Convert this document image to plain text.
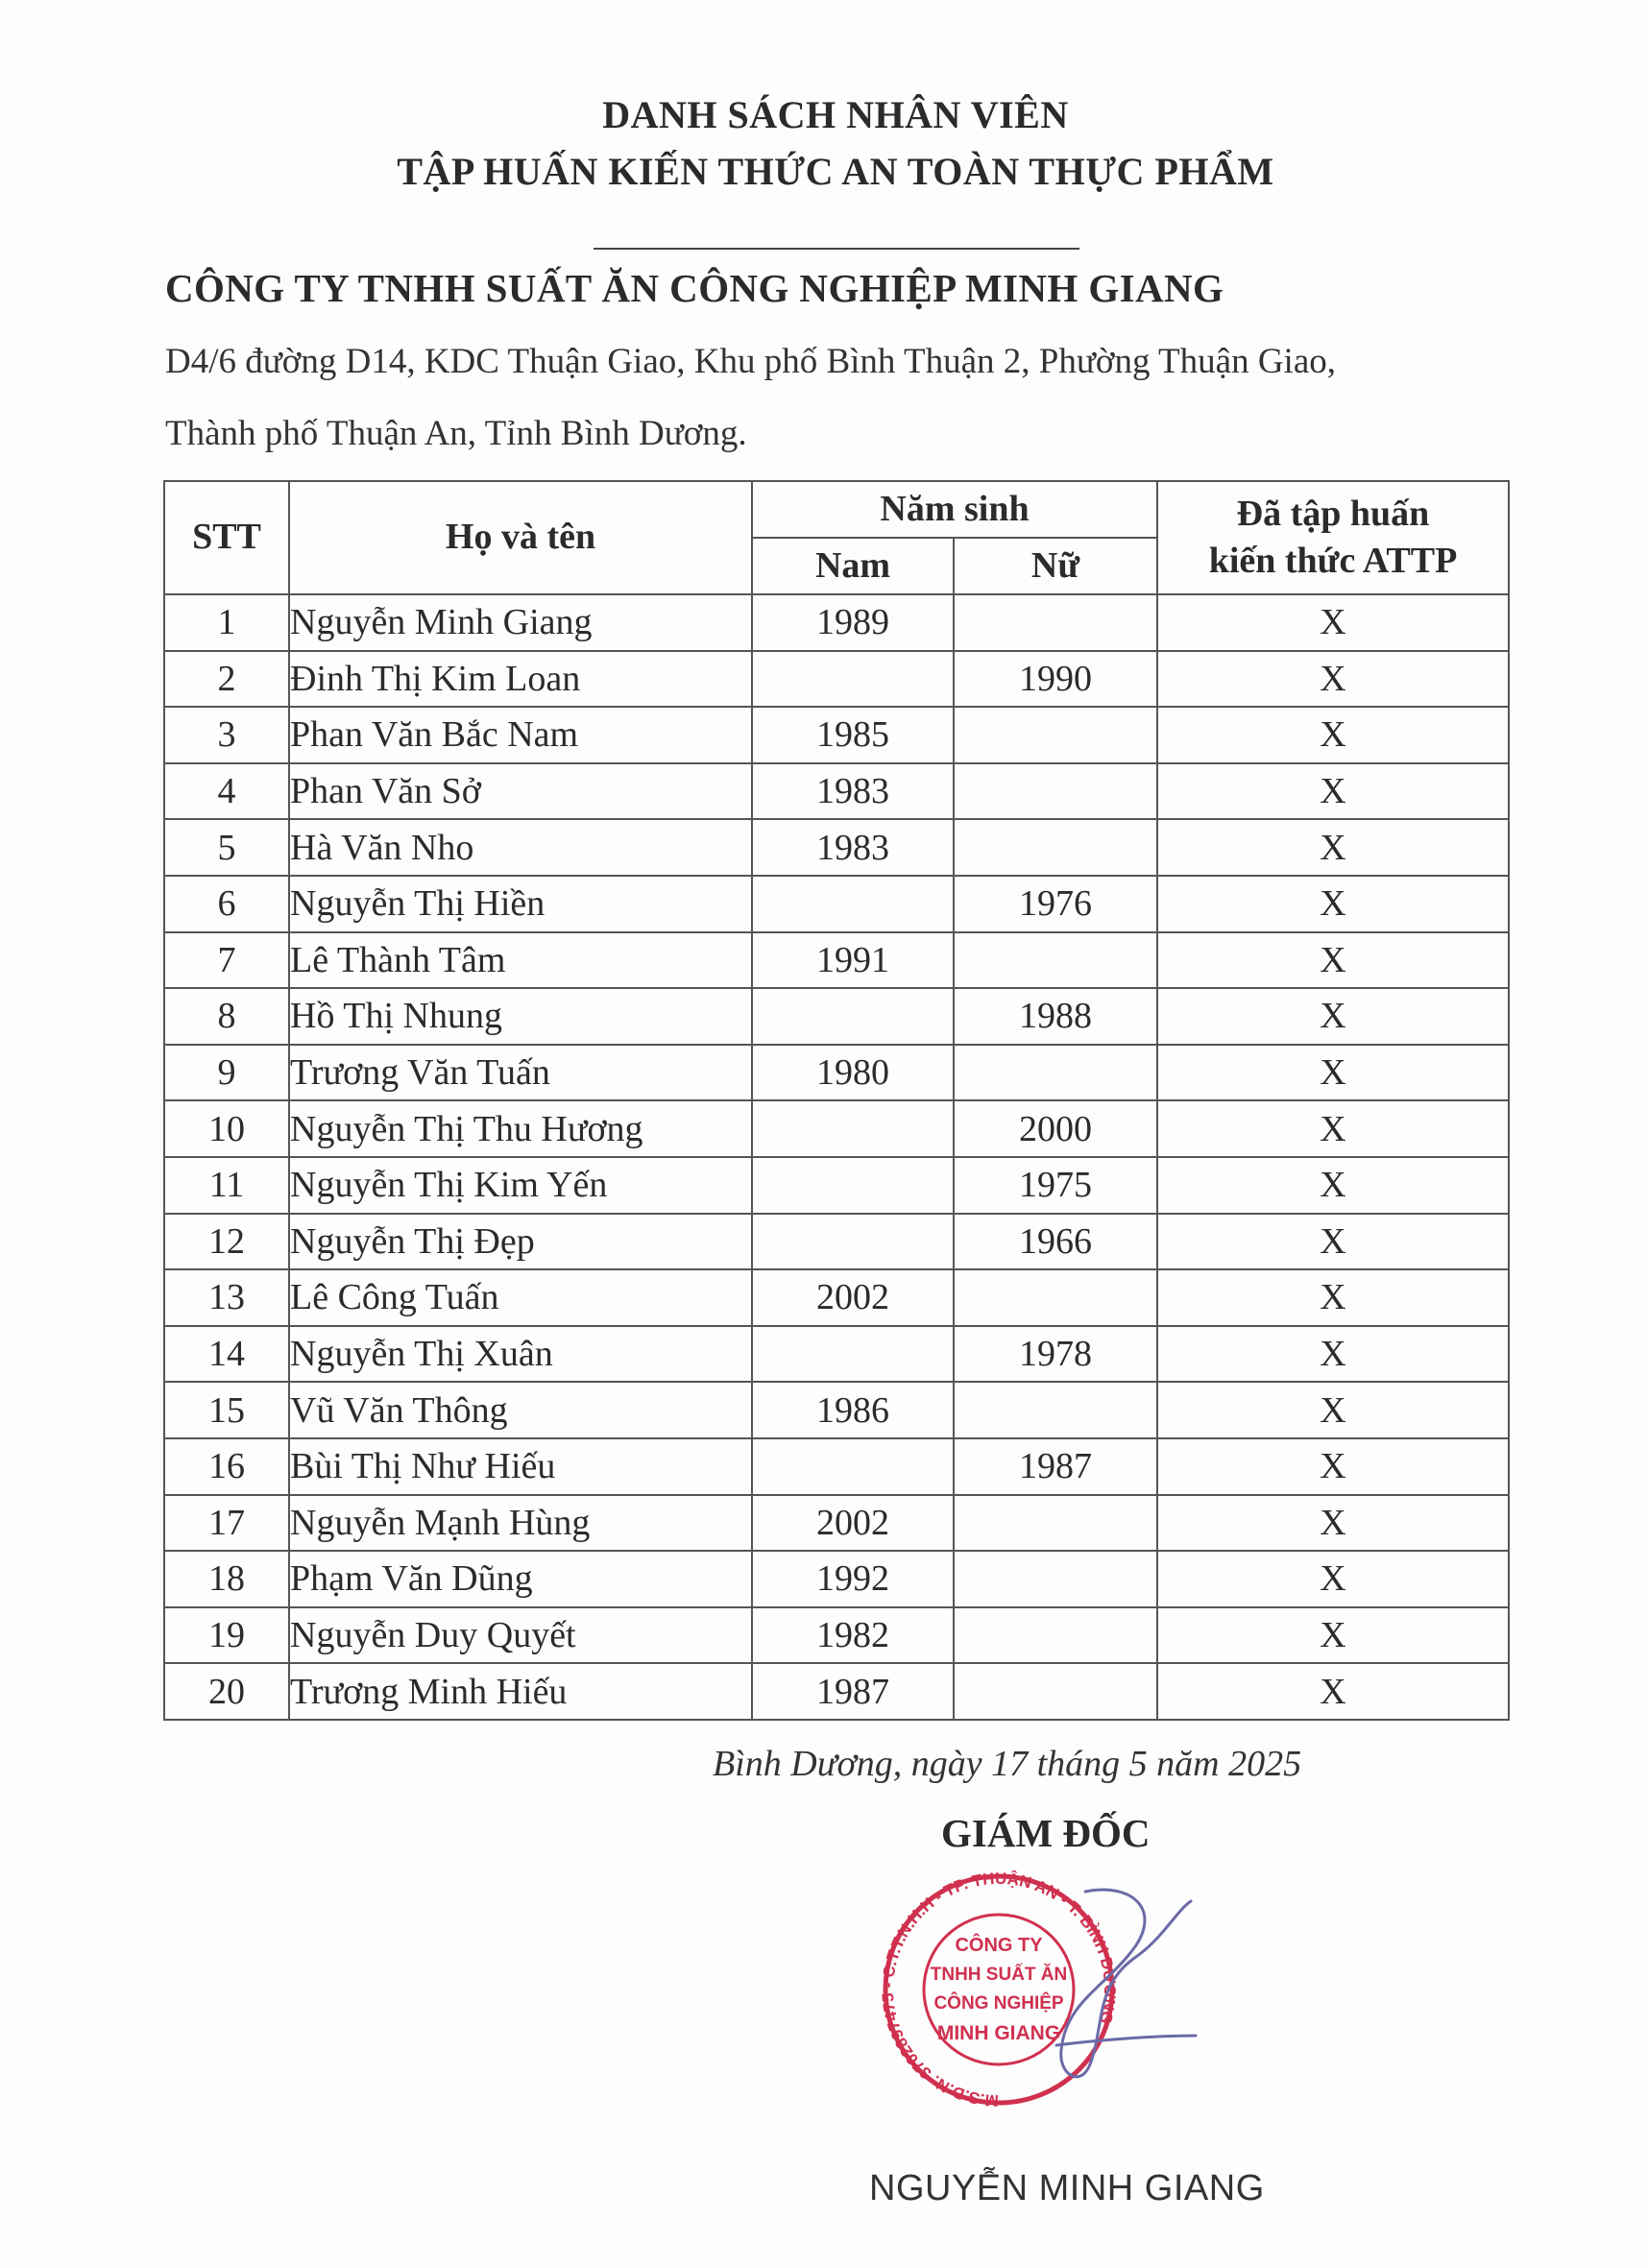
DANH SÁCH NHÂN VIÊN
TẬP HUẤN KIẾN THỨC AN TOÀN THỰC PHẨM
CÔNG TY TNHH SUẤT ĂN CÔNG NGHIỆP MINH GIANG
D4/6 đường D14, KDC Thuận Giao, Khu phố Bình Thuận 2, Phường Thuận Giao,
Thành phố Thuận An, Tỉnh Bình Dương.
STT	Họ và tên	Năm sinh		Đã tập huấn
kiến thức ATTP

		Nam	Nữ	
1	Nguyễn Minh Giang	1989		X
2	Đinh Thị Kim Loan		1990	X
3	Phan Văn Bắc Nam	1985		X
4	Phan Văn Sở	1983		X
5	Hà Văn Nho	1983		X
6	Nguyễn Thị Hiền		1976	X
7	Lê Thành Tâm	1991		X
8	Hồ Thị Nhung		1988	X
9	Trương Văn Tuấn	1980		X
10	Nguyễn Thị Thu Hương		2000	X
11	Nguyễn Thị Kim Yến		1975	X
12	Nguyễn Thị Đẹp		1966	X
13	Lê Công Tuấn	2002		X
14	Nguyễn Thị Xuân		1978	X
15	Vũ Văn Thông	1986		X
16	Bùi Thị Như Hiếu		1987	X
17	Nguyễn Mạnh Hùng	2002		X
18	Phạm Văn Dũng	1992		X
19	Nguyễn Duy Quyết	1982		X
20	Trương Minh Hiếu	1987		X
Bình Dương, ngày 17 tháng 5 năm 2025
GIÁM ĐỐC
M.S.D.N: 3702897475 - C.T.T.N.H.H - TP. THUẬN AN - T. BÌNH DƯƠNG
CÔNG TY
TNHH SUẤT ĂN
CÔNG NGHIỆP
MINH GIANG
NGUYỄN MINH GIANG
